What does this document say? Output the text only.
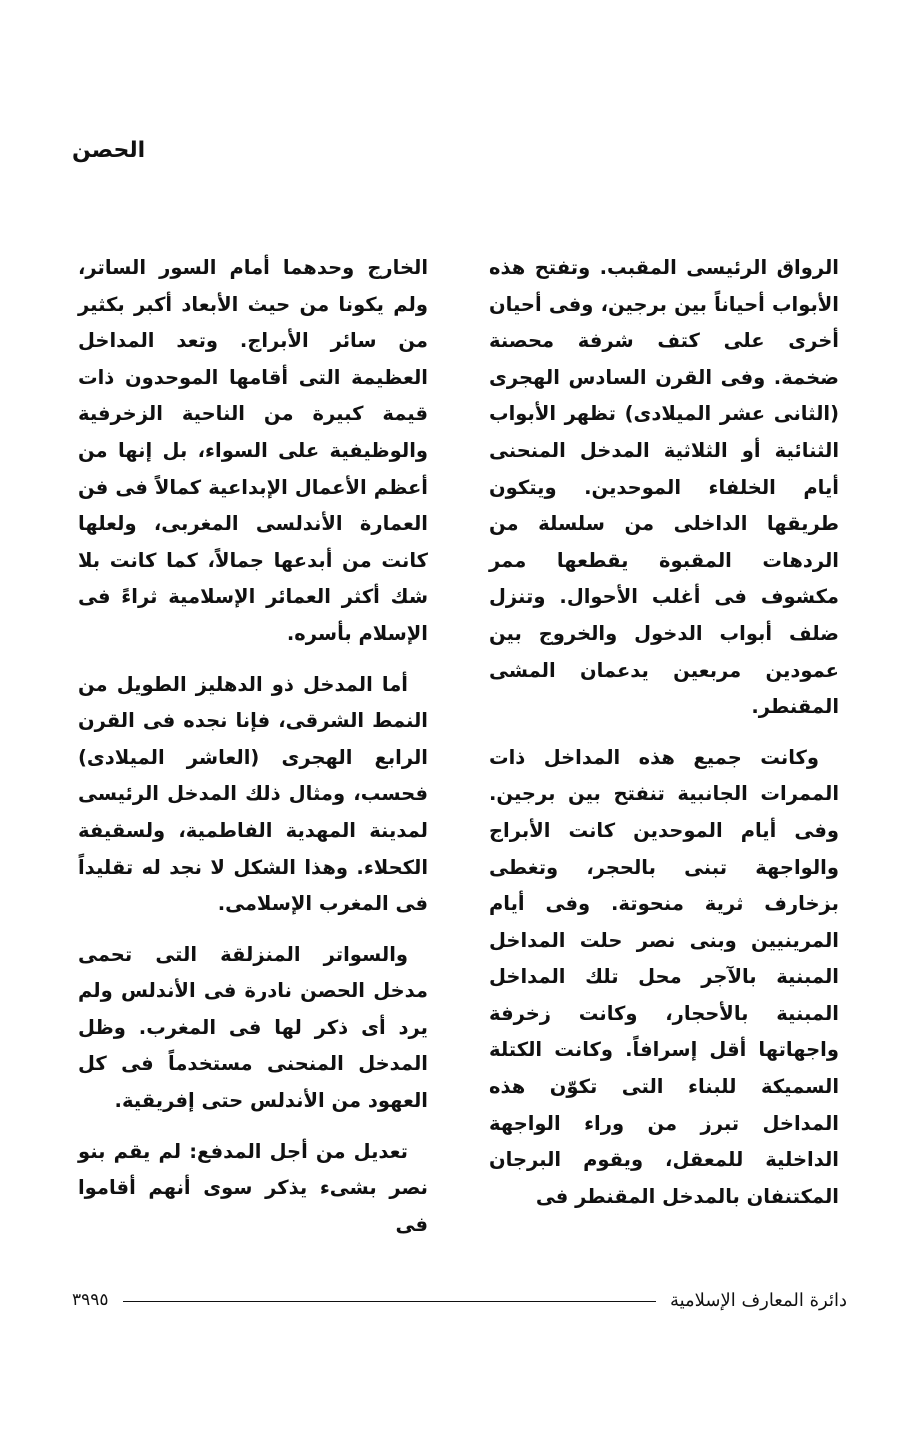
الحصن

الرواق الرئيسى المقبب. وتفتح هذه الأبواب أحياناً بين برجين، وفى أحيان أخرى على كتف شرفة محصنة ضخمة. وفى القرن السادس الهجرى (الثانى عشر الميلادى) تظهر الأبواب الثنائية أو الثلاثية المدخل المنحنى أيام الخلفاء الموحدين. ويتكون طريقها الداخلى من سلسلة من الردهات المقبوة يقطعها ممر مكشوف فى أغلب الأحوال. وتنزل ضلف أبواب الدخول والخروج بين عمودين مربعين يدعمان المشى المقنطر.

وكانت جميع هذه المداخل ذات الممرات الجانبية تنفتح بين برجين. وفى أيام الموحدين كانت الأبراج والواجهة تبنى بالحجر، وتغطى بزخارف ثرية منحوتة. وفى أيام المرينيين وبنى نصر حلت المداخل المبنية بالآجر محل تلك المداخل المبنية بالأحجار، وكانت زخرفة واجهاتها أقل إسرافاً. وكانت الكتلة السميكة للبناء التى تكوّن هذه المداخل تبرز من وراء الواجهة الداخلية للمعقل، ويقوم البرجان المكتنفان بالمدخل المقنطر فى

الخارج وحدهما أمام السور الساتر، ولم يكونا من حيث الأبعاد أكبر بكثير من سائر الأبراج. وتعد المداخل العظيمة التى أقامها الموحدون ذات قيمة كبيرة من الناحية الزخرفية والوظيفية على السواء، بل إنها من أعظم الأعمال الإبداعية كمالاً فى فن العمارة الأندلسى المغربى، ولعلها كانت من أبدعها جمالاً، كما كانت بلا شك أكثر العمائر الإسلامية ثراءً فى الإسلام بأسره.

أما المدخل ذو الدهليز الطويل من النمط الشرقى، فإنا نجده فى القرن الرابع الهجرى (العاشر الميلادى) فحسب، ومثال ذلك المدخل الرئيسى لمدينة المهدية الفاطمية، ولسقيفة الكحلاء. وهذا الشكل لا نجد له تقليداً فى المغرب الإسلامى.

والسواتر المنزلقة التى تحمى مدخل الحصن نادرة فى الأندلس ولم يرد أى ذكر لها فى المغرب. وظل المدخل المنحنى مستخدماً فى كل العهود من الأندلس حتى إفريقية.

تعديل من أجل المدفع: لم يقم بنو نصر بشىء يذكر سوى أنهم أقاموا فى

دائرة المعارف الإسلامية
٣٩٩٥
